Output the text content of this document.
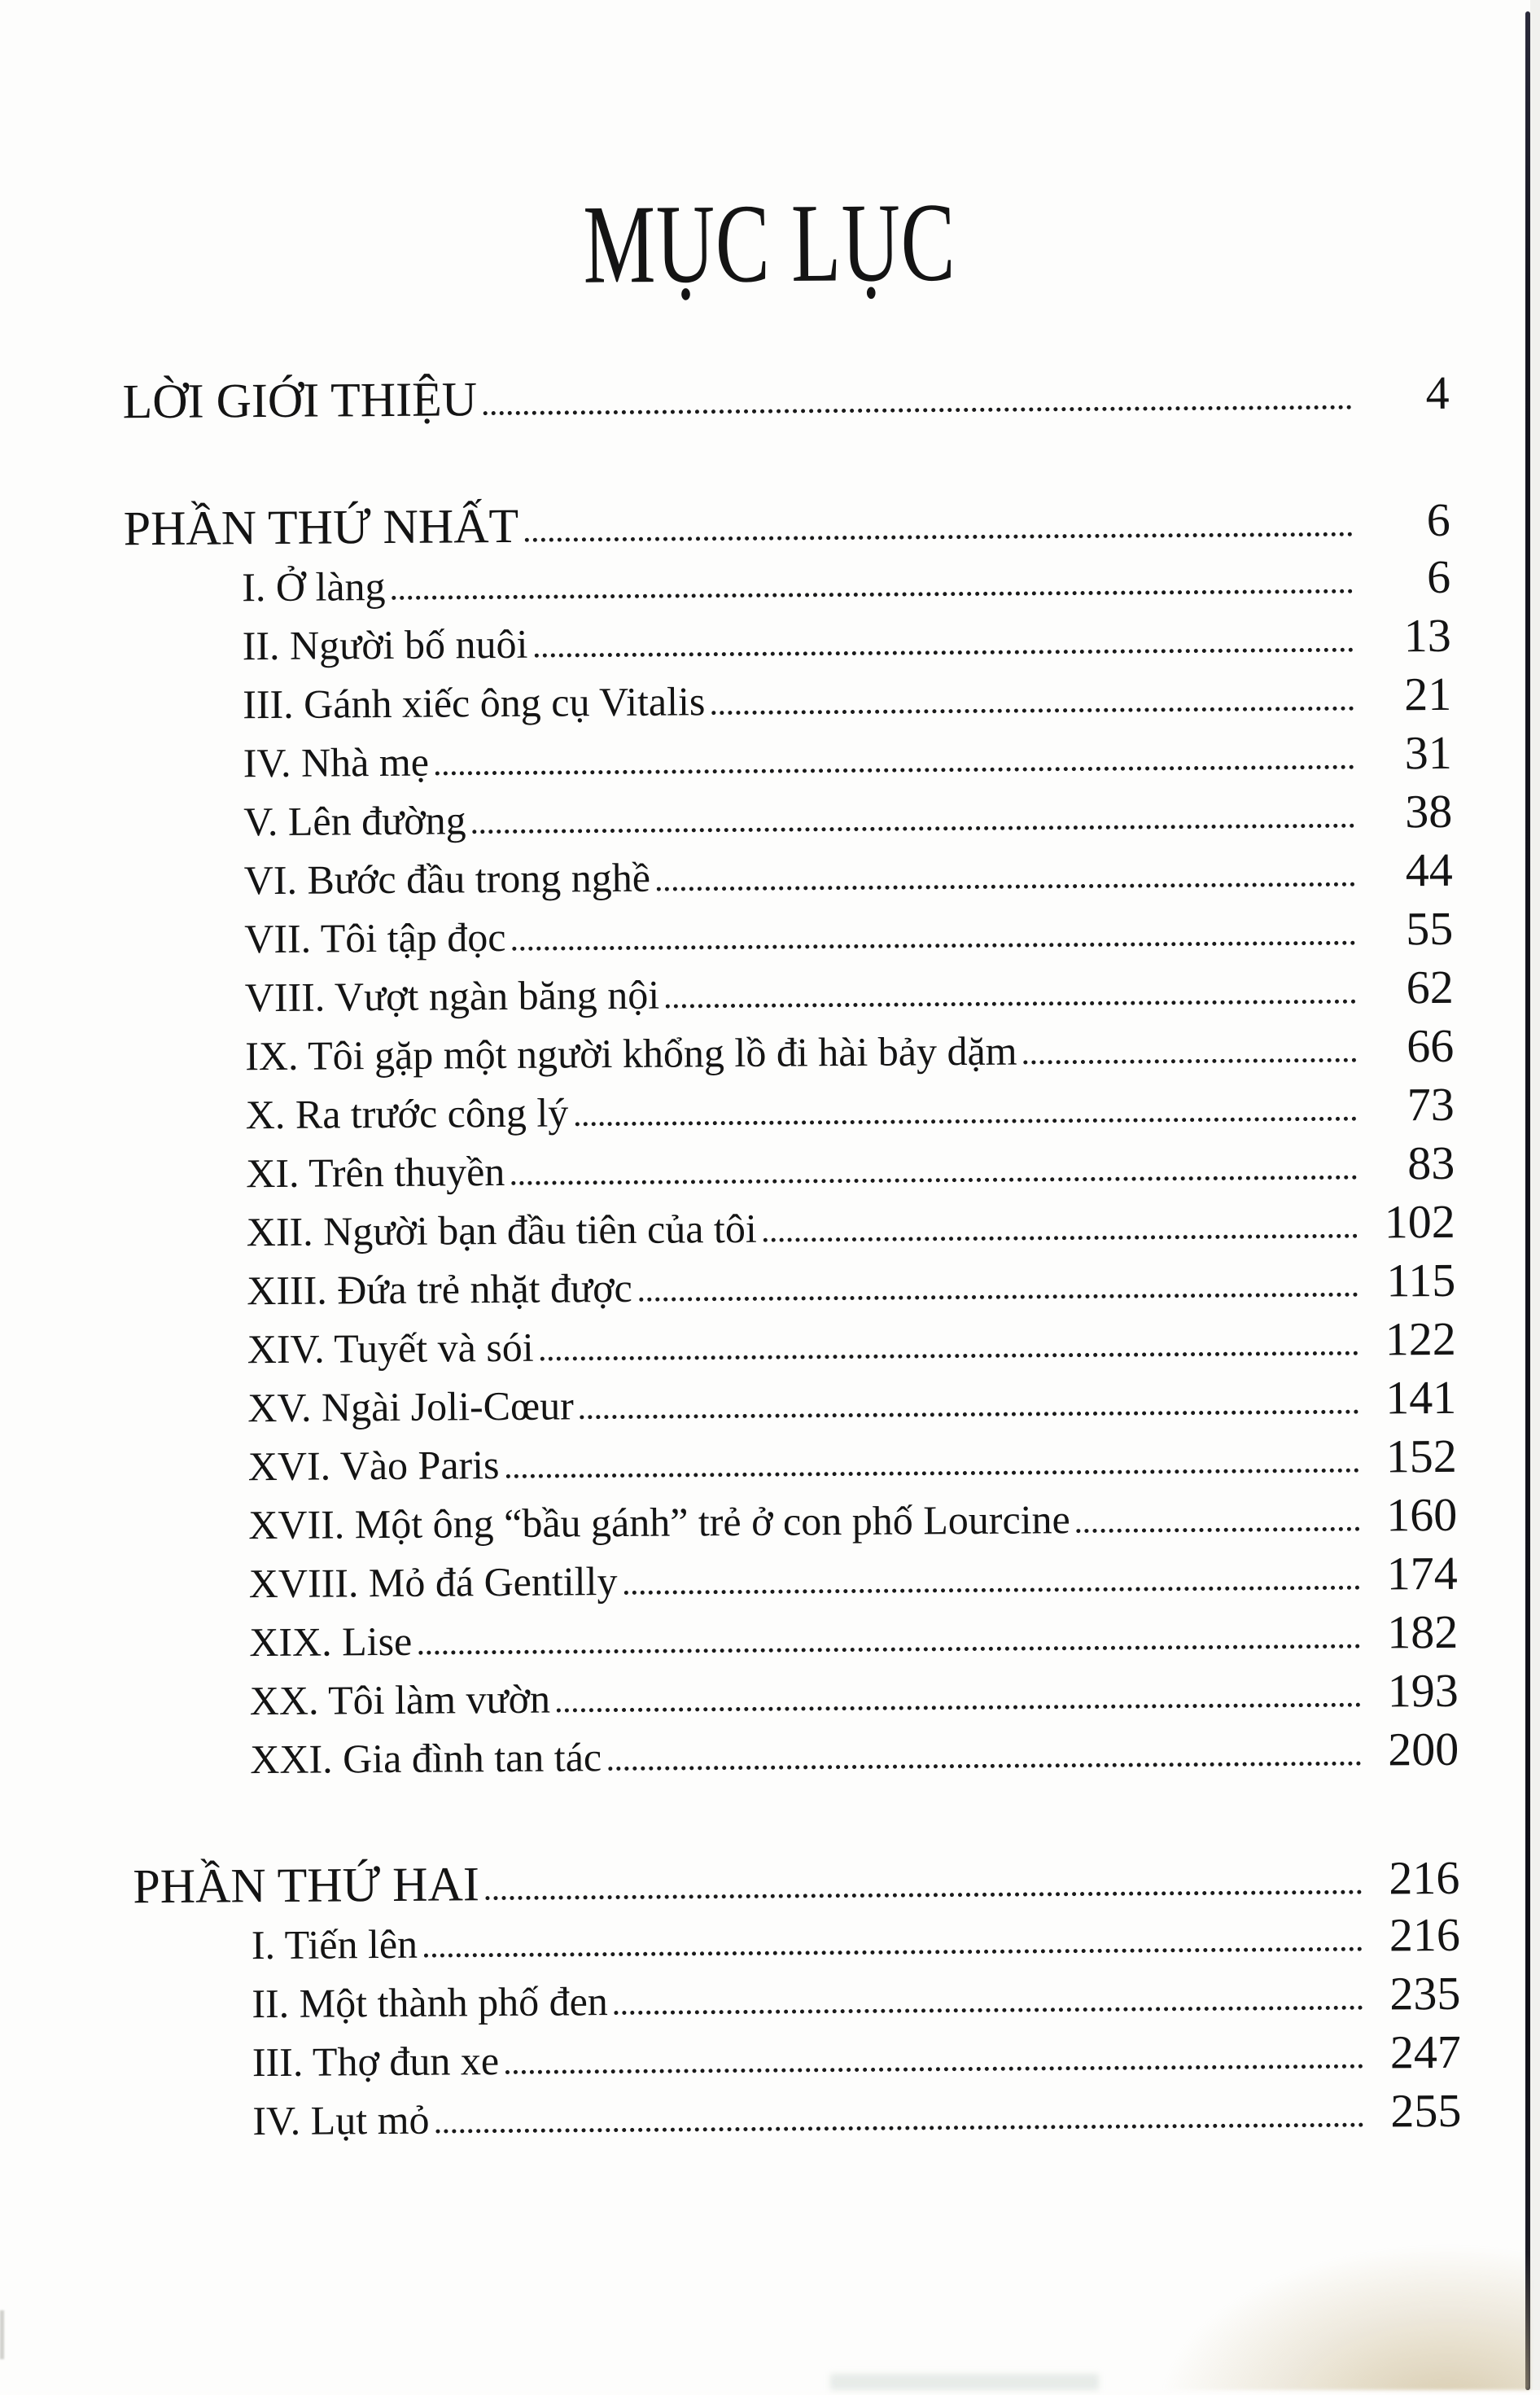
MỤC LỤC
LỜI GIỚI THIỆU	4
PHẦN THỨ NHẤT	6
I. Ở làng	6
II. Người bố nuôi	13
III. Gánh xiếc ông cụ Vitalis	21
IV. Nhà mẹ	31
V. Lên đường	38
VI. Bước đầu trong nghề	44
VII. Tôi tập đọc	55
VIII. Vượt ngàn băng nội	62
IX. Tôi gặp một người khổng lồ đi hài bảy dặm	66
X. Ra trước công lý	73
XI. Trên thuyền	83
XII. Người bạn đầu tiên của tôi	102
XIII. Đứa trẻ nhặt được	115
XIV. Tuyết và sói	122
XV. Ngài Joli-Cœur	141
XVI. Vào Paris	152
XVII. Một ông “bầu gánh” trẻ ở con phố Lourcine	160
XVIII. Mỏ đá Gentilly	174
XIX. Lise	182
XX. Tôi làm vườn	193
XXI. Gia đình tan tác	200
PHẦN THỨ HAI	216
I. Tiến lên	216
II. Một thành phố đen	235
III. Thợ đun xe	247
IV. Lụt mỏ	255
